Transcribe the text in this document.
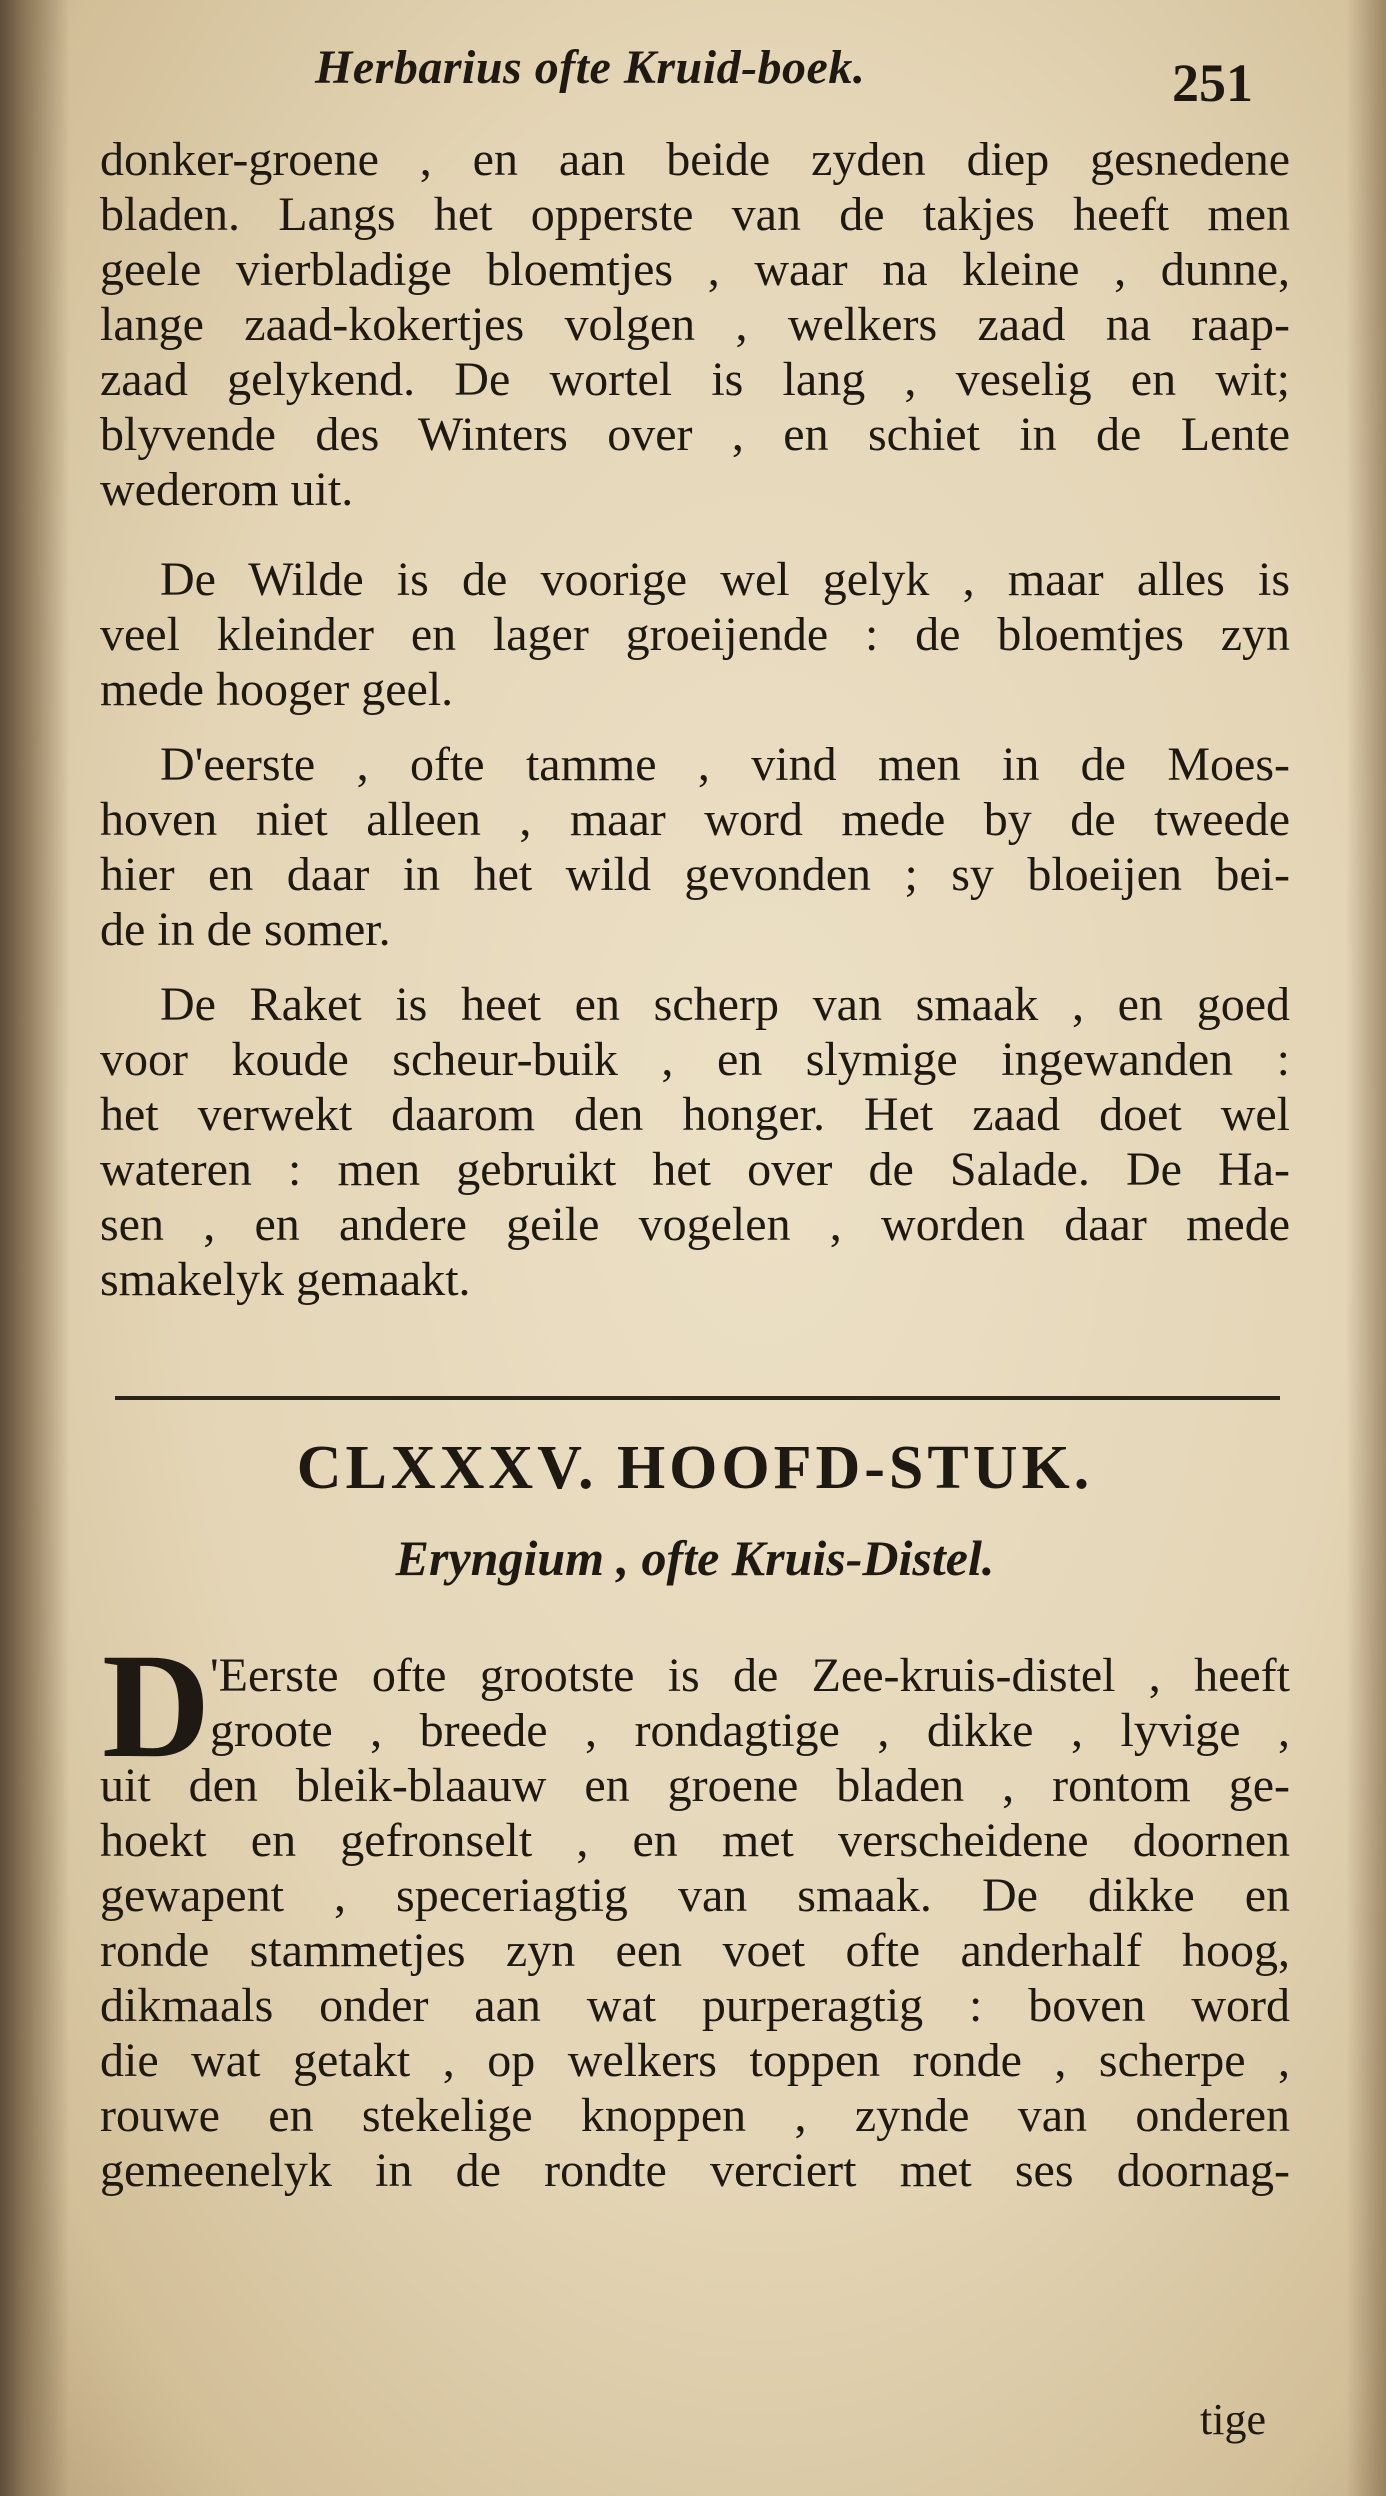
Herbarius ofte Kruid-boek.	251
donker-groene , en aan beide zyden diep gesnedene
bladen. Langs het opperste van de takjes heeft men
geele vierbladige bloemtjes , waar na kleine , dunne,
lange zaad-kokertjes volgen , welkers zaad na raap-
zaad gelykend. De wortel is lang , veselig en wit;
blyvende des Winters over , en schiet in de Lente
wederom uit.
De Wilde is de voorige wel gelyk , maar alles is
veel kleinder en lager groeijende : de bloemtjes zyn
mede hooger geel.
D'eerste , ofte tamme , vind men in de Moes-
hoven niet alleen , maar word mede by de tweede
hier en daar in het wild gevonden ; sy bloeijen bei-
de in de somer.
De Raket is heet en scherp van smaak , en goed
voor koude scheur-buik , en slymige ingewanden :
het verwekt daarom den honger. Het zaad doet wel
wateren : men gebruikt het over de Salade. De Ha-
sen , en andere geile vogelen , worden daar mede
smakelyk gemaakt.
CLXXXV. HOOFD-STUK.
Eryngium , ofte Kruis-Distel.
D 'Eerste ofte grootste is de Zee-kruis-distel , heeft
groote , breede , rondagtige , dikke , lyvige ,
uit den bleik-blaauw en groene bladen , rontom ge-
hoekt en gefronselt , en met verscheidene doornen
gewapent , speceriagtig van smaak. De dikke en
ronde stammetjes zyn een voet ofte anderhalf hoog,
dikmaals onder aan wat purperagtig : boven word
die wat getakt , op welkers toppen ronde , scherpe ,
rouwe en stekelige knoppen , zynde van onderen
gemeenelyk in de rondte verciert met ses doornag-
tige
